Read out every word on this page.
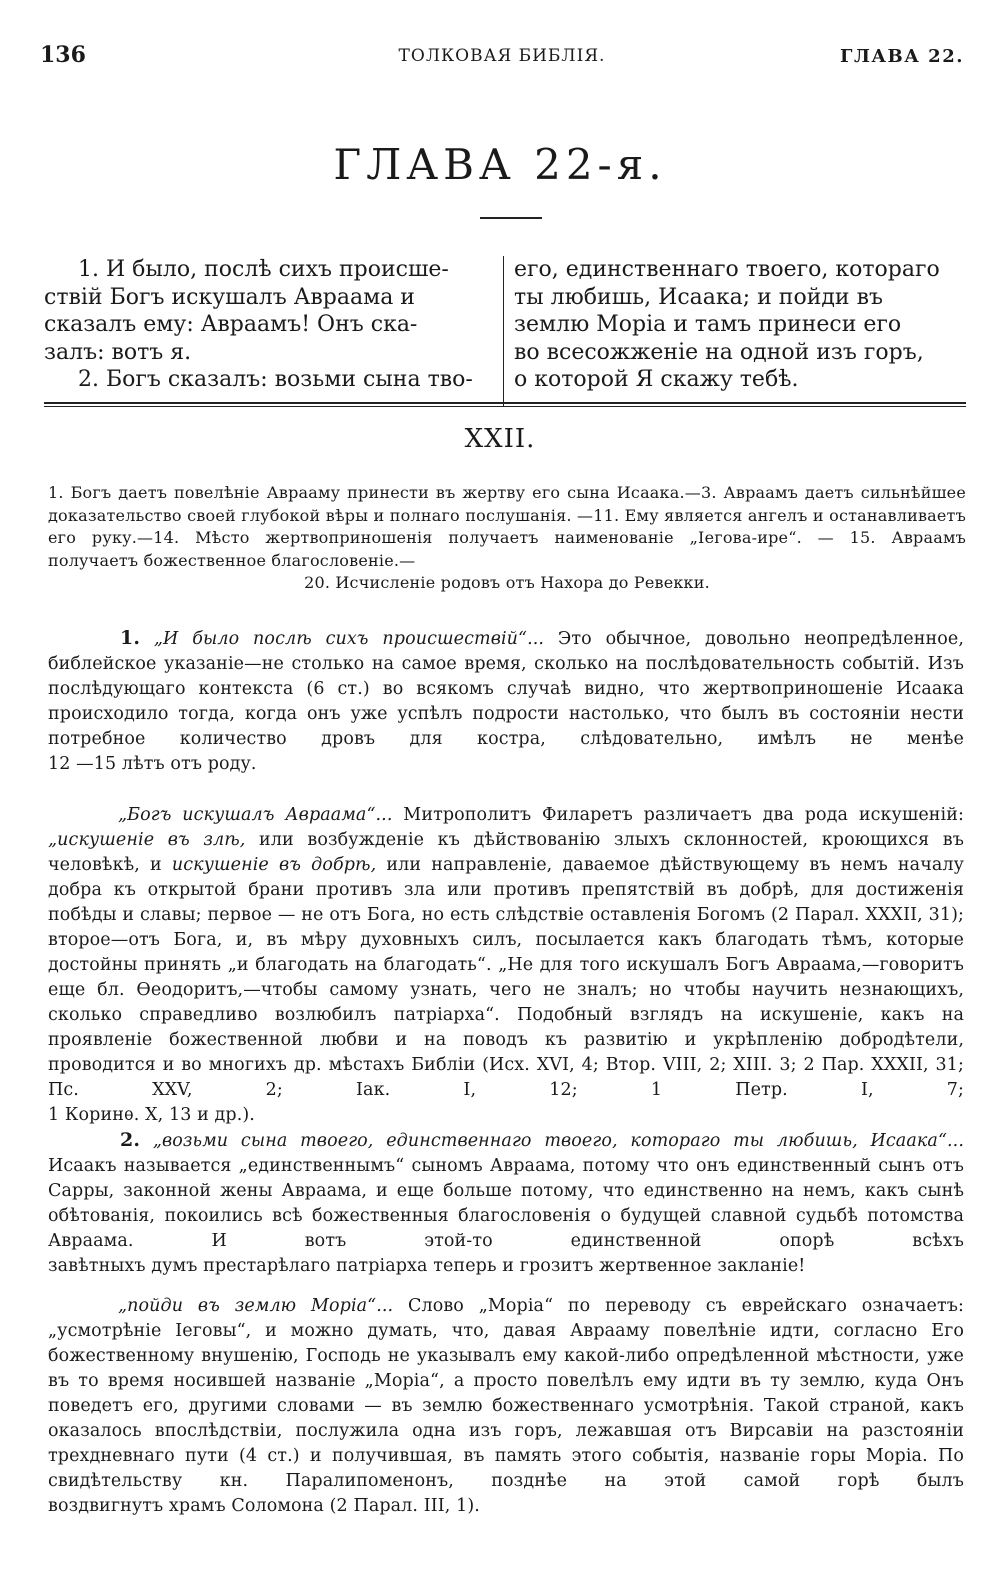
136	ТОЛКОВАЯ БИБЛІЯ.	ГЛАВА 22.
ГЛАВА 22-я.
1. И было, послѣ сихъ происше-
ствій Богъ искушалъ Авраама и
сказалъ ему: Авраамъ! Онъ ска-
залъ: вотъ я.
2. Богъ сказалъ: возьми сына тво-
его, единственнаго твоего, котораго
ты любишь, Исаака; и пойди въ
землю Моріа и тамъ принеси его
во всесожженіе на одной изъ горъ,
о которой Я скажу тебѣ.
XXII.
1. Богъ даетъ повелѣніе Аврааму принести въ жертву его сына Исаака.—3. Авраамъ даетъ сильнѣйшее доказательство своей глубокой вѣры и полнаго послушанія. —11. Ему является ангелъ и останавливаетъ его руку.—14. Мѣсто жертвоприношенія получаетъ наименованіе „Іегова-ире“. — 15. Авраамъ получаетъ божественное благословеніе.—
20. Исчисленіе родовъ отъ Нахора до Ревекки.
1. „И было послѣ сихъ происшествій“... Это обычное, довольно неопредѣленное, библейское указаніе—не столько на самое время, сколько на послѣдовательность событій. Изъ послѣдующаго контекста (6 ст.) во всякомъ случаѣ видно, что жертвоприношеніе Исаака происходило тогда, когда онъ уже успѣлъ подрости настолько, что былъ въ состояніи нести потребное количество дровъ для костра, слѣдовательно, имѣлъ не менѣе
12 —15 лѣтъ отъ роду.
„Богъ искушалъ Авраама“... Митрополитъ Филаретъ различаетъ два рода искушеній: „искушеніе въ злѣ, или возбужденіе къ дѣйствованію злыхъ склонностей, кроющихся въ человѣкѣ, и искушеніе въ добрѣ, или направленіе, даваемое дѣйствующему въ немъ началу добра къ открытой брани противъ зла или противъ препятствій въ добрѣ, для достиженія побѣды и славы; первое — не отъ Бога, но есть слѣдствіе оставленія Богомъ (2 Парал. XXXII, 31); второе—отъ Бога, и, въ мѣру духовныхъ силъ, посылается какъ благодать тѣмъ, которые достойны принять „и благодать на благодать“. „Не для того искушалъ Богъ Авраама,—говоритъ еще бл. Ѳеодоритъ,—чтобы самому узнать, чего не зналъ; но чтобы научить незнающихъ, сколько справедливо возлюбилъ патріарха“. Подобный взглядъ на искушеніе, какъ на проявленіе божественной любви и на поводъ къ развитію и укрѣпленію добродѣтели, проводится и во многихъ др. мѣстахъ Библіи (Исх. XVI, 4; Втор. VIII, 2; XIII. 3; 2 Пар. XXXII, 31; Пс. XXV, 2; Іак. I, 12; 1 Петр. I, 7;
1 Коринѳ. X, 13 и др.).
2. „возьми сына твоего, единственнаго твоего, котораго ты любишь, Исаака“... Исаакъ называется „единственнымъ“ сыномъ Авраама, потому что онъ единственный сынъ отъ Сарры, законной жены Авраама, и еще больше потому, что единственно на немъ, какъ сынѣ обѣтованія, покоились всѣ божественныя благословенія о будущей славной судьбѣ потомства Авраама. И вотъ этой-то единственной опорѣ всѣхъ
завѣтныхъ думъ престарѣлаго патріарха теперь и грозитъ жертвенное закланіе!
„пойди въ землю Моріа“... Слово „Моріа“ по переводу съ еврейскаго означаетъ: „усмотрѣніе Іеговы“, и можно думать, что, давая Аврааму повелѣніе идти, согласно Его божественному внушенію, Господь не указывалъ ему какой-либо опредѣленной мѣстности, уже въ то время носившей названіе „Моріа“, а просто повелѣлъ ему идти въ ту землю, куда Онъ поведетъ его, другими словами — въ землю божественнаго усмотрѣнія. Такой страной, какъ оказалось впослѣдствіи, послужила одна изъ горъ, лежавшая отъ Вирсавіи на разстояніи трехдневнаго пути (4 ст.) и получившая, въ память этого событія, названіе горы Моріа. По свидѣтельству кн. Паралипоменонъ, позднѣе на этой самой горѣ былъ
воздвигнутъ храмъ Соломона (2 Парал. III, 1).
